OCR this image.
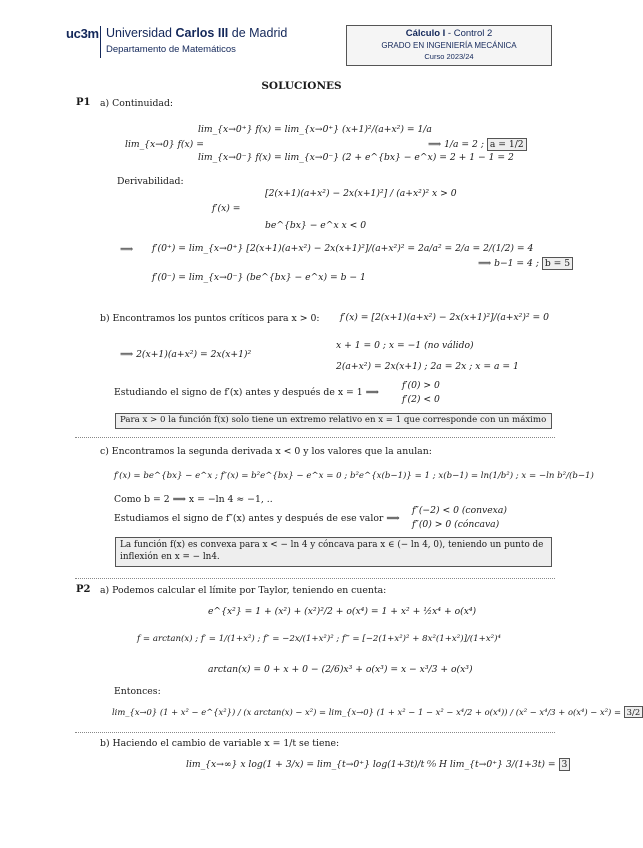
uc3m Universidad Carlos III de Madrid
Departamento de Matemáticos
Cálculo I - Control 2
GRADO EN INGENIERÍA MECÁNICA
Curso 2023/24
SOLUCIONES
P1 a) Continuidad:
lim_{x→0} f(x) =
lim_{x→0⁺} f(x) = lim_{x→0⁺} (x+1)²/(a+x²) = 1/a
lim_{x→0⁻} f(x) = lim_{x→0⁻} (2 + e^{bx} − e^x) = 2 + 1 − 1 = 2
⟹ 1/a = 2 ; a = 1/2
Derivabilidad:
f′(x) =
[2(x+1)(a+x²) − 2x(x+1)²] / (a+x²)² x > 0
be^{bx} − e^x x < 0
⟹ f′(0⁺) = lim_{x→0⁺} [2(x+1)(a+x²) − 2x(x+1)²]/(a+x²)² = 2a/a² = 2/a = 2/(1/2) = 4
f′(0⁻) = lim_{x→0⁻} (be^{bx} − e^x) = b − 1
⟹ b−1 = 4 ; b = 5
b) Encontramos los puntos críticos para x > 0: f′(x) = [2(x+1)(a+x²) − 2x(x+1)²]/(a+x²)² = 0
⟹ 2(x+1)(a+x²) = 2x(x+1)²
x + 1 = 0 ; x = −1 (no válido)
2(a+x²) = 2x(x+1) ; 2a = 2x ; x = a = 1
Estudiando el signo de f′(x) antes y después de x = 1 ⟹
f′(0) > 0
f′(2) < 0
Para x > 0 la función f(x) solo tiene un extremo relativo en x = 1 que corresponde con un máximo
c) Encontramos la segunda derivada x < 0 y los valores que la anulan:
f′(x) = be^{bx} − e^x ; f″(x) = b²e^{bx} − e^x = 0 ; b²e^{x(b−1)} = 1 ; x(b−1) = ln(1/b²) ; x = −ln b²/(b−1)
Como b = 2 ⟹ x = −ln 4 ≈ −1, ..
Estudiamos el signo de f″(x) antes y después de ese valor ⟹
f″(−2) < 0 (convexa)
f″(0) > 0 (cóncava)
La función f(x) es convexa para x < − ln 4 y cóncava para x ∈ (− ln 4, 0), teniendo un punto de inflexión en x = − ln4.
P2 a) Podemos calcular el límite por Taylor, teniendo en cuenta:
e^{x²} = 1 + (x²) + (x²)²/2 + o(x⁴) = 1 + x² + ½x⁴ + o(x⁴)
f = arctan(x) ; f′ = 1/(1+x²) ; f″ = −2x/(1+x²)² ; f‴ = [−2(1+x²)² + 8x²(1+x²)]/(1+x²)⁴
arctan(x) = 0 + x + 0 − (2/6)x³ + o(x³) = x − x³/3 + o(x³)
Entonces:
lim_{x→0} (1 + x² − e^{x²}) / (x arctan(x) − x²) = lim_{x→0} (1 + x² − 1 − x² − x⁴/2 + o(x⁴)) / (x² − x⁴/3 + o(x⁴) − x²) = 3/2
b) Haciendo el cambio de variable x = 1/t se tiene:
lim_{x→∞} x log(1 + 3/x) = lim_{t→0⁺} log(1+3t)/t ⁰⁄₀ H lim_{t→0⁺} 3/(1+3t) = 3
